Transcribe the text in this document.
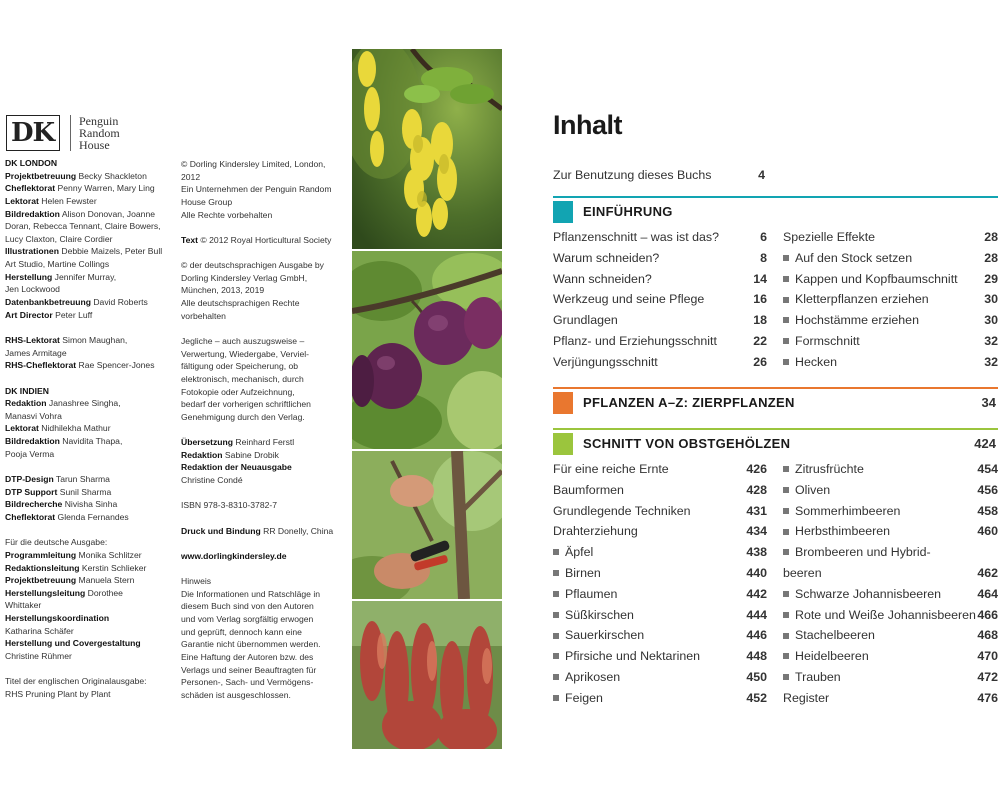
DK Penguin
Random
House
DK LONDON
Projektbetreuung Becky Shackleton
Cheflektorat Penny Warren, Mary Ling
Lektorat Helen Fewster
Bildredaktion Alison Donovan, Joanne
Doran, Rebecca Tennant, Claire Bowers,
Lucy Claxton, Claire Cordier
Illustrationen Debbie Maizels, Peter Bull
Art Studio, Martine Collings
Herstellung Jennifer Murray,
Jen Lockwood
Datenbankbetreuung David Roberts
Art Director Peter Luff
RHS-Lektorat Simon Maughan,
James Armitage
RHS-Cheflektorat Rae Spencer-Jones
DK INDIEN
Redaktion Janashree Singha,
Manasvi Vohra
Lektorat Nidhilekha Mathur
Bildredaktion Navidita Thapa,
Pooja Verma
DTP-Design Tarun Sharma
DTP Support Sunil Sharma
Bildrecherche Nivisha Sinha
Cheflektorat Glenda Fernandes
Für die deutsche Ausgabe:
Programmleitung Monika Schlitzer
Redaktionsleitung Kerstin Schlieker
Projektbetreuung Manuela Stern
Herstellungsleitung Dorothee
Whittaker
Herstellungskoordination
Katharina Schäfer
Herstellung und Covergestaltung
Christine Rühmer
Titel der englischen Originalausgabe:
RHS Pruning Plant by Plant
© Dorling Kindersley Limited, London,
2012
Ein Unternehmen der Penguin Random
House Group
Alle Rechte vorbehalten
Text © 2012 Royal Horticultural Society
© der deutschsprachigen Ausgabe by
Dorling Kindersley Verlag GmbH,
München, 2013, 2019
Alle deutschsprachigen Rechte
vorbehalten
Jegliche – auch auszugsweise –
Verwertung, Wiedergabe, Verviel-
fältigung oder Speicherung, ob
elektronisch, mechanisch, durch
Fotokopie oder Aufzeichnung,
bedarf der vorherigen schriftlichen
Genehmigung durch den Verlag.
Übersetzung Reinhard Ferstl
Redaktion Sabine Drobik
Redaktion der Neuausgabe
Christine Condé
ISBN 978-3-8310-3782-7
Druck und Bindung RR Donelly, China
www.dorlingkindersley.de
Hinweis
Die Informationen und Ratschläge in
diesem Buch sind von den Autoren
und vom Verlag sorgfältig erwogen
und geprüft, dennoch kann eine
Garantie nicht übernommen werden.
Eine Haftung der Autoren bzw. des
Verlags und seiner Beauftragten für
Personen-, Sach- und Vermögens-
schäden ist ausgeschlossen.
Inhalt
Zur Benutzung dieses Buchs	4
EINFÜHRUNG
Pflanzenschnitt – was ist das?	6
Warum schneiden?	8
Wann schneiden?	14
Werkzeug und seine Pflege	16
Grundlagen	18
Pflanz- und Erziehungsschnitt	22
Verjüngungsschnitt	26
Spezielle Effekte	28
Auf den Stock setzen	28
Kappen und Kopfbaumschnitt 29
Kletterpflanzen erziehen	30
Hochstämme erziehen	30
Formschnitt	32
Hecken	32
PFLANZEN A–Z: ZIERPFLANZEN	34
SCHNITT VON OBSTGEHÖLZEN	424
Für eine reiche Ernte	426
Baumformen	428
Grundlegende Techniken	431
Drahterziehung	434
Äpfel	438
Birnen	440
Pflaumen	442
Süßkirschen	444
Sauerkirschen	446
Pfirsiche und Nektarinen	448
Aprikosen	450
Feigen	452
Zitrusfrüchte	454
Oliven	456
Sommerhimbeeren	458
Herbsthimbeeren	460
Brombeeren und Hybrid-
beeren	462
Schwarze Johannisbeeren	464
Rote und Weiße Johannisbeeren 466
Stachelbeeren	468
Heidelbeeren	470
Trauben	472
Register	476
